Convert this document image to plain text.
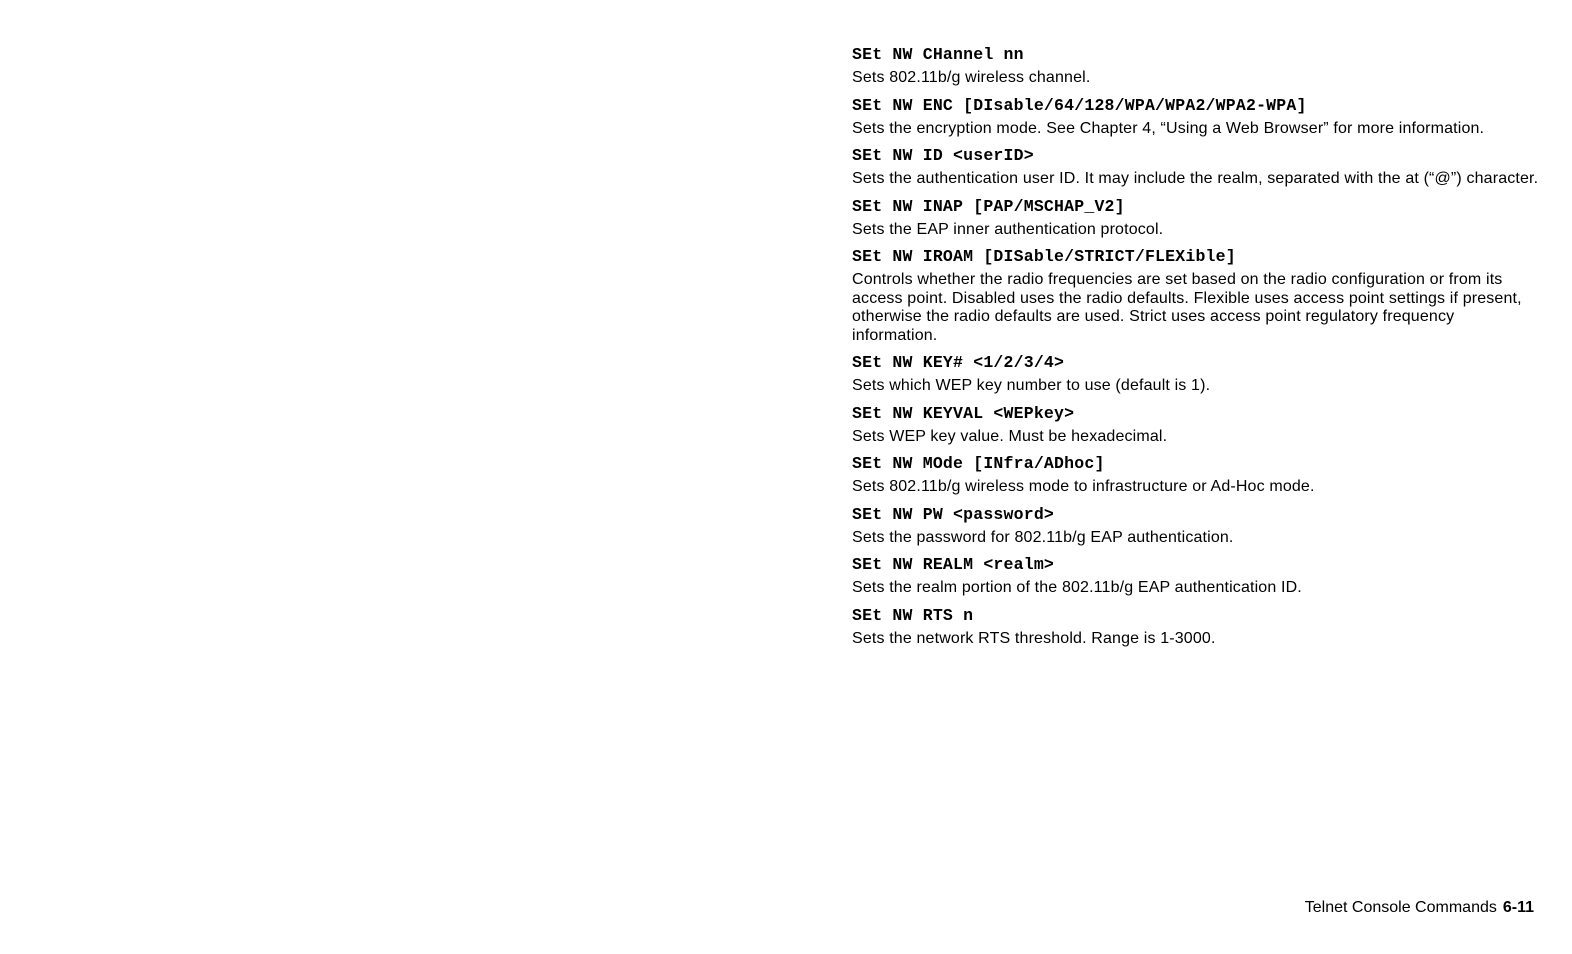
SEt NW CHannel nn

Sets 802.11b/g wireless channel.

SEt NW ENC [DIsable/64/128/WPA/WPA2/WPA2-WPA]

Sets the encryption mode. See Chapter 4, “Using a Web Browser” for more information.

SEt NW ID <userID>

Sets the authentication user ID. It may include the realm, separated with the at (“@”) character.

SEt NW INAP [PAP/MSCHAP_V2]

Sets the EAP inner authentication protocol.

SEt NW IROAM [DISable/STRICT/FLEXible]

Controls whether the radio frequencies are set based on the radio configuration or from its access point. Disabled uses the radio defaults. Flexible uses access point settings if present, otherwise the radio defaults are used. Strict uses access point regulatory frequency information.

SEt NW KEY# <1/2/3/4>

Sets which WEP key number to use (default is 1).

SEt NW KEYVAL <WEPkey>

Sets WEP key value. Must be hexadecimal.

SEt NW MOde [INfra/ADhoc]

Sets 802.11b/g wireless mode to infrastructure or Ad-Hoc mode.

SEt NW PW <password>

Sets the password for 802.11b/g EAP authentication.

SEt NW REALM <realm>

Sets the realm portion of the 802.11b/g EAP authentication ID.

SEt NW RTS n

Sets the network RTS threshold. Range is 1-3000.

Telnet Console Commands 6-11
